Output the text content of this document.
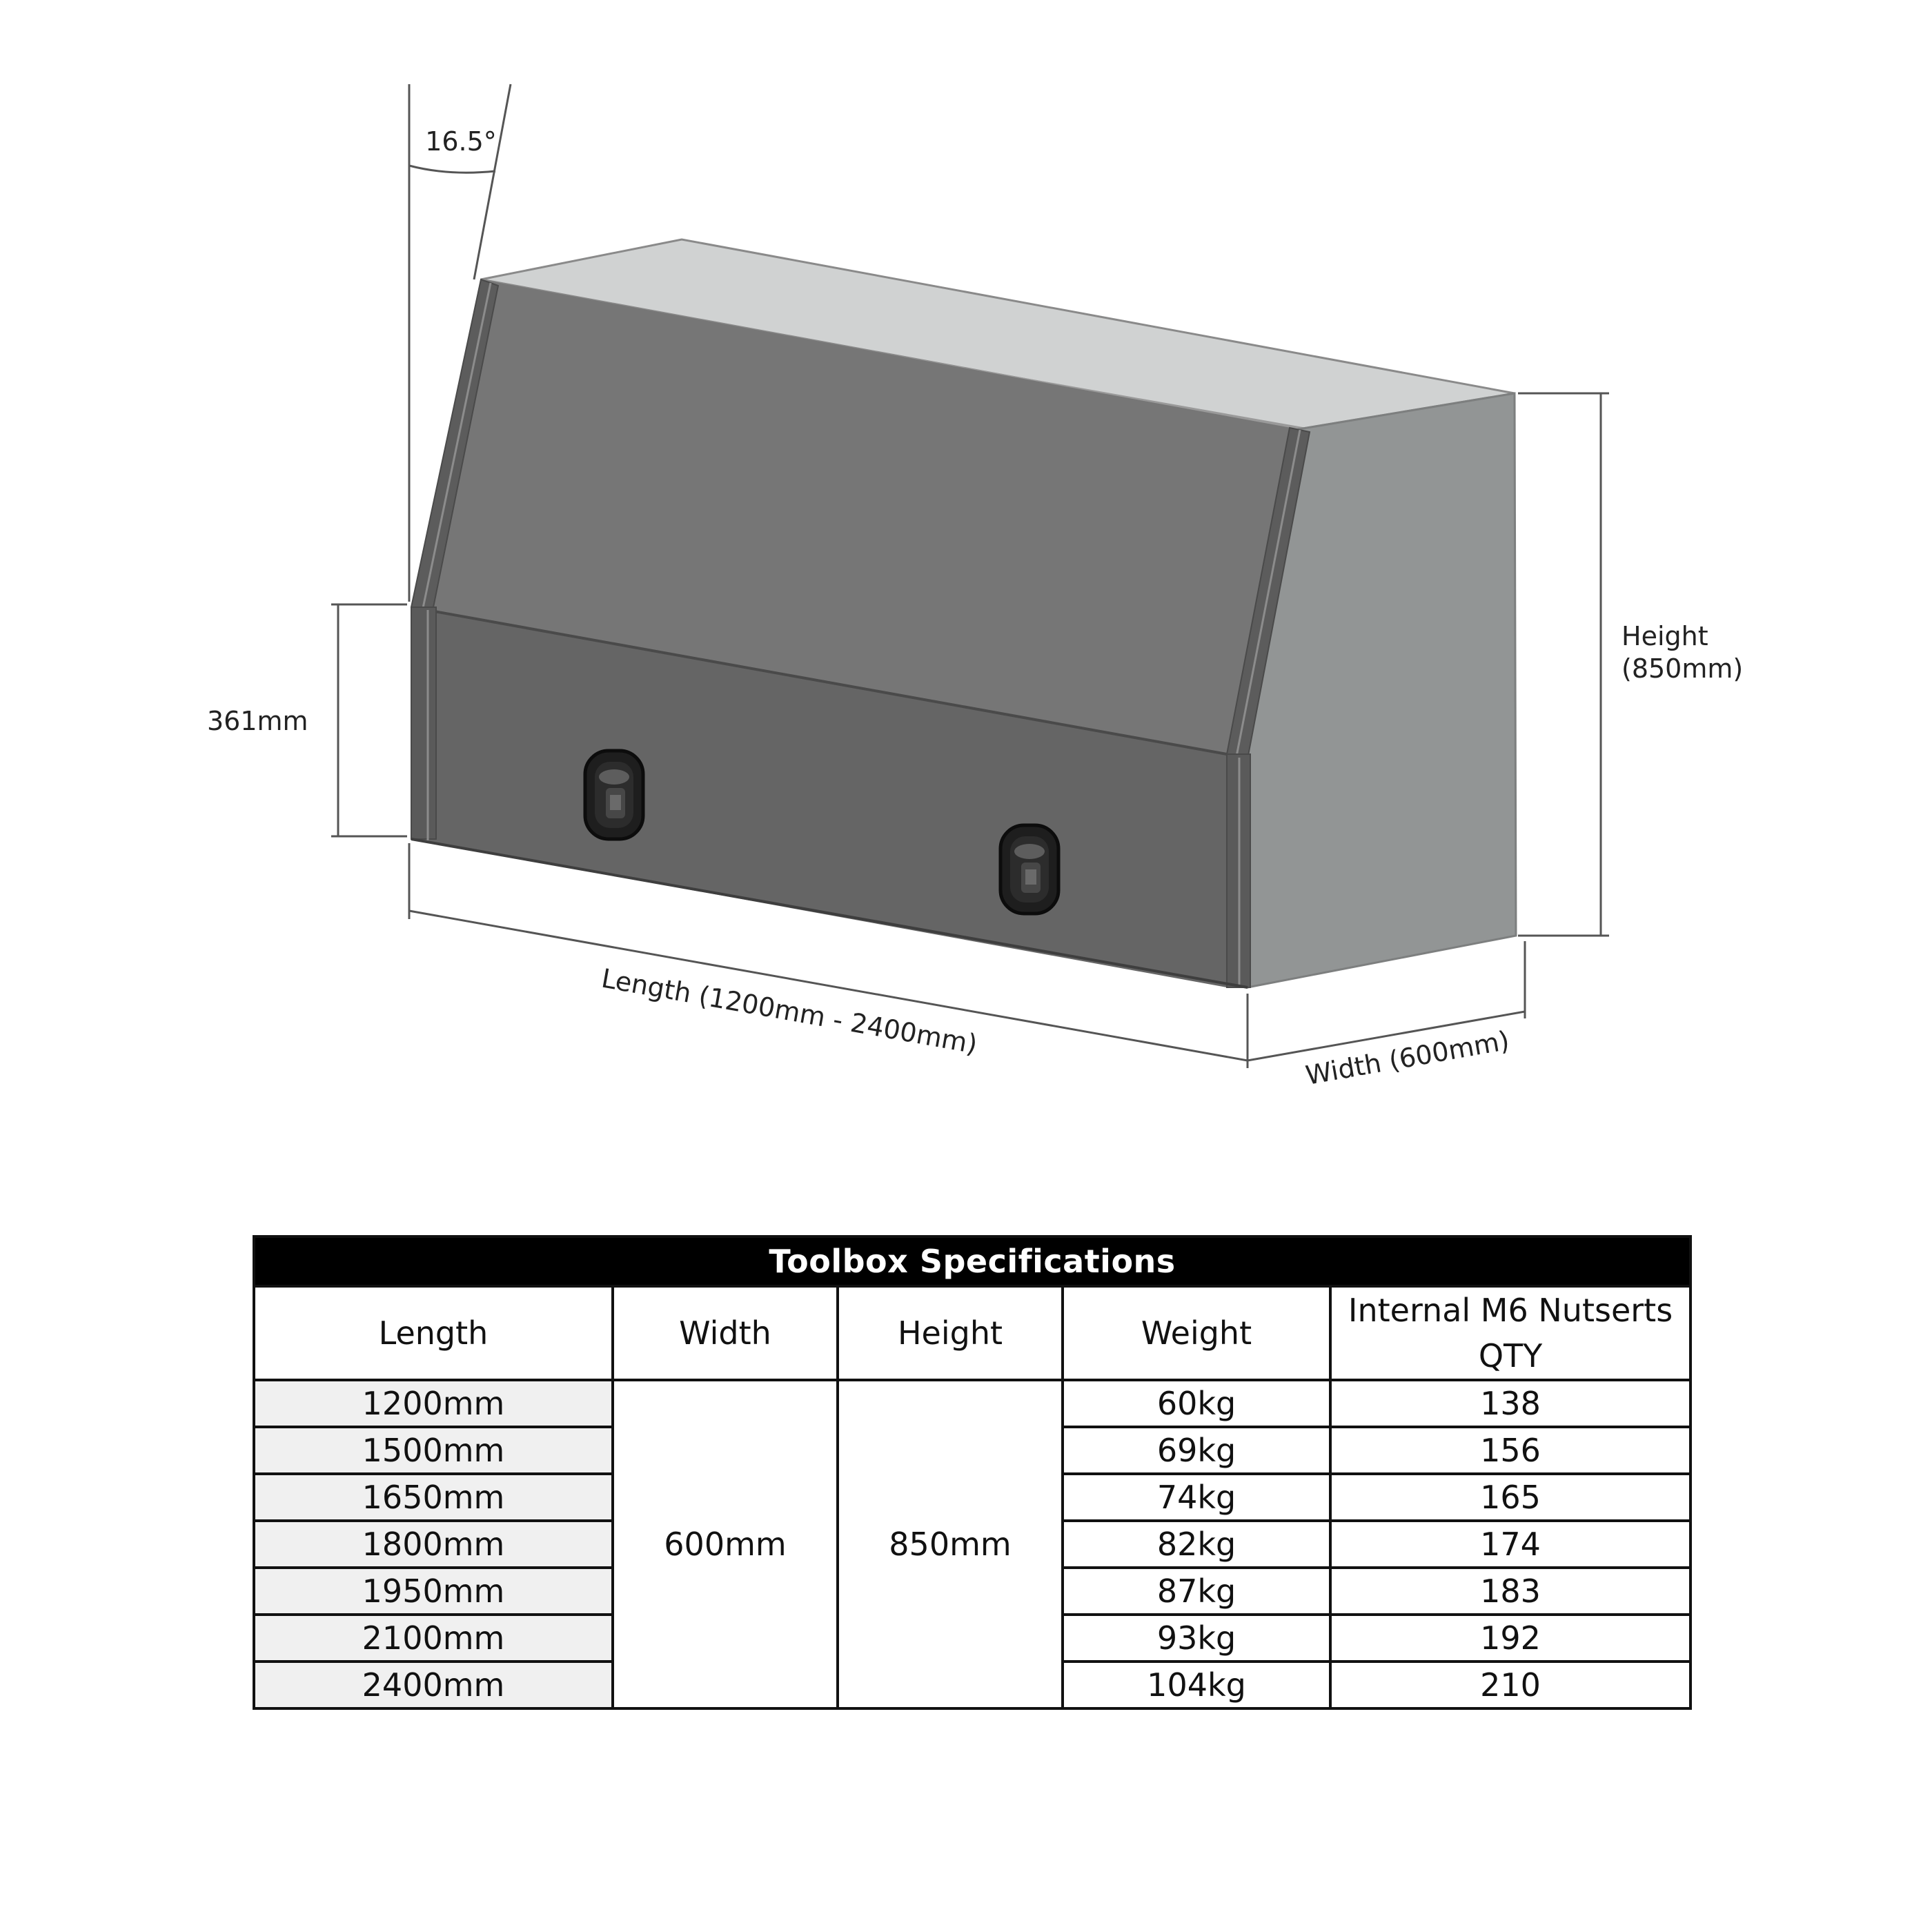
16.5°
361mm
Height
(850mm)
Length (1200mm - 2400mm)	Width (600mm)
Toolbox Specifications				
Length	Width	Height	Weight	Internal M6 Nutserts QTY
1200mm	600mm	850mm	60kg	138
1500mm			69kg	156
1650mm			74kg	165
1800mm			82kg	174
1950mm			87kg	183
2100mm			93kg	192
2400mm			104kg	210
